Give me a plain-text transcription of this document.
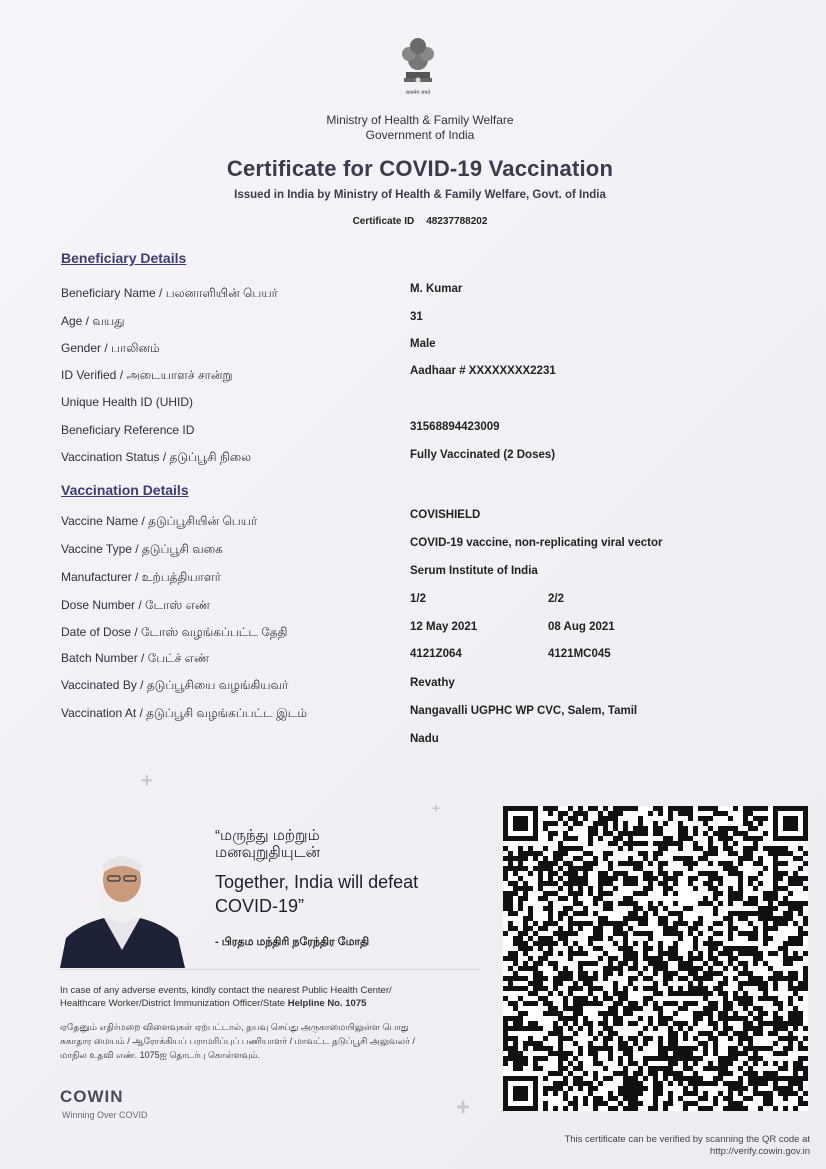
सत्यमेव जयते
Ministry of Health & Family Welfare
Government of India
Certificate for COVID-19 Vaccination
Issued in India by Ministry of Health & Family Welfare, Govt. of India
Certificate ID 48237788202
Beneficiary Details
Beneficiary Name / பலனாளியின் பெயர்	M. Kumar
Age / வயது	31
Gender / பாலினம்	Male
ID Verified / அடையாளச் சான்று	Aadhaar # XXXXXXXX2231
Unique Health ID (UHID)
Beneficiary Reference ID	31568894423009
Vaccination Status / தடுப்பூசி நிலை	Fully Vaccinated (2 Doses)
Vaccination Details
Vaccine Name / தடுப்பூசியின் பெயர்	COVISHIELD
Vaccine Type / தடுப்பூசி வகை	COVID-19 vaccine, non-replicating viral vector
Manufacturer / உற்பத்தியாளர்	Serum Institute of India
Dose Number / டோஸ் எண்	1/2	2/2
Date of Dose / டோஸ் வழங்கப்பட்ட தேதி	12 May 2021	08 Aug 2021
Batch Number / பேட்ச் எண்	4121Z064	4121MC045
Vaccinated By / தடுப்பூசியை வழங்கியவர்	Revathy
Vaccination At / தடுப்பூசி வழங்கப்பட்ட இடம்	Nangavalli UGPHC WP CVC, Salem, Tamil
Nadu
+
+
+
“மருந்து மற்றும்
மனவுறுதியுடன்
Together, India will defeat
COVID-19”
- பிரதம மந்திரி நரேந்திர மோதி
In case of any adverse events, kindly contact the nearest Public Health Center/
Healthcare Worker/District Immunization Officer/State Helpline No. 1075
ஏதேனும் எதிர்மறை விளைவுகள் ஏற்பட்டால், தயவு செய்து அருகாமையிலுள்ள பொது
சுகாதார மையம் / ஆரோக்கியப் பராமரிப்புப் பணியாளர் / மாவட்ட தடுப்பூசி அலுவலர் /
மாநில உதவி எண். 1075ஐ தொடர்பு கொள்ளவும்.
COWIN
Winning Over COVID
This certificate can be verified by scanning the QR code at
http://verify.cowin.gov.in
